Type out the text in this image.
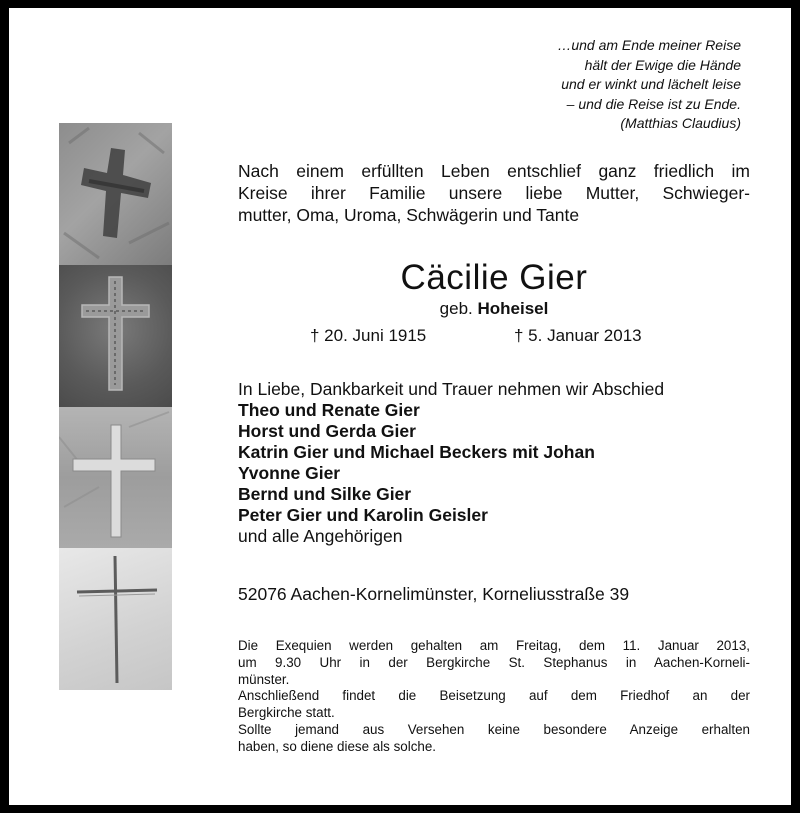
…und am Ende meiner Reise
hält der Ewige die Hände
und er winkt und lächelt leise
– und die Reise ist zu Ende.
(Matthias Claudius)
Nach einem erfüllten Leben entschlief ganz friedlich im
Kreise ihrer Familie unsere liebe Mutter, Schwieger-
mutter, Oma, Uroma, Schwägerin und Tante
Cäcilie Gier
geb. Hoheisel
† 20. Juni 1915	† 5. Januar 2013
In Liebe, Dankbarkeit und Trauer nehmen wir Abschied
Theo und Renate Gier
Horst und Gerda Gier
Katrin Gier und Michael Beckers mit Johan
Yvonne Gier
Bernd und Silke Gier
Peter Gier und Karolin Geisler
und alle Angehörigen
52076 Aachen-Kornelimünster, Korneliusstraße 39
Die Exequien werden gehalten am Freitag, dem 11. Januar 2013,
um 9.30 Uhr in der Bergkirche St. Stephanus in Aachen-Korneli-
münster.
Anschließend findet die Beisetzung auf dem Friedhof an der
Bergkirche statt.
Sollte jemand aus Versehen keine besondere Anzeige erhalten
haben, so diene diese als solche.
